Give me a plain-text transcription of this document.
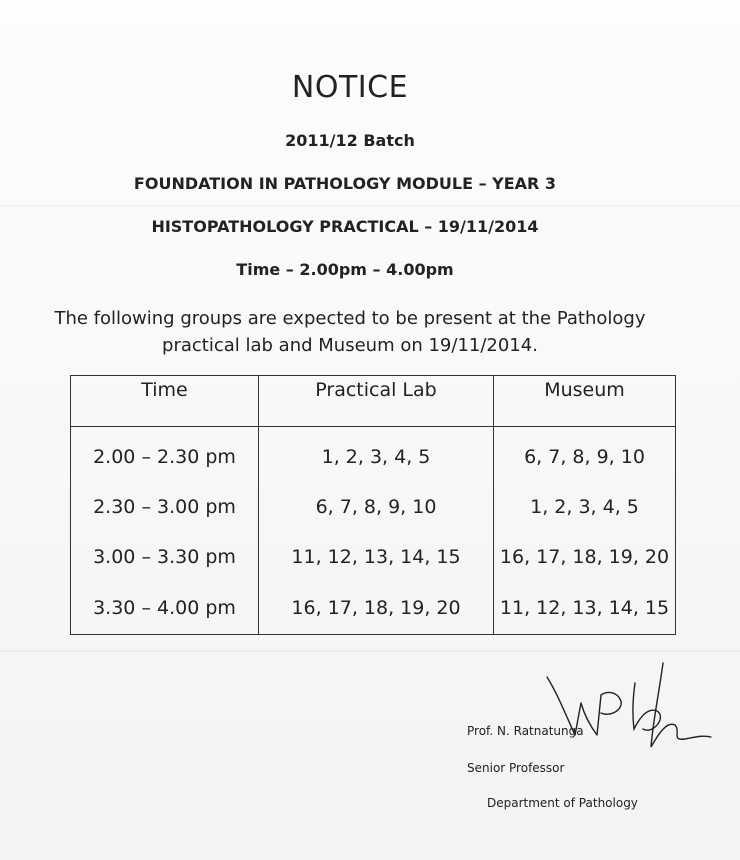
NOTICE
2011/12 Batch
FOUNDATION IN PATHOLOGY MODULE – YEAR 3
HISTOPATHOLOGY PRACTICAL – 19/11/2014
Time – 2.00pm – 4.00pm
The following groups are expected to be present at the Pathology
practical lab and Museum on 19/11/2014.
Time	Practical Lab	Museum
2.00 – 2.30 pm	1, 2, 3, 4, 5	6, 7, 8, 9, 10
2.30 – 3.00 pm	6, 7, 8, 9, 10	1, 2, 3, 4, 5
3.00 – 3.30 pm	11, 12, 13, 14, 15	16, 17, 18, 19, 20
3.30 – 4.00 pm	16, 17, 18, 19, 20	11, 12, 13, 14, 15
Prof. N. Ratnatunga
Senior Professor
Department of Pathology
